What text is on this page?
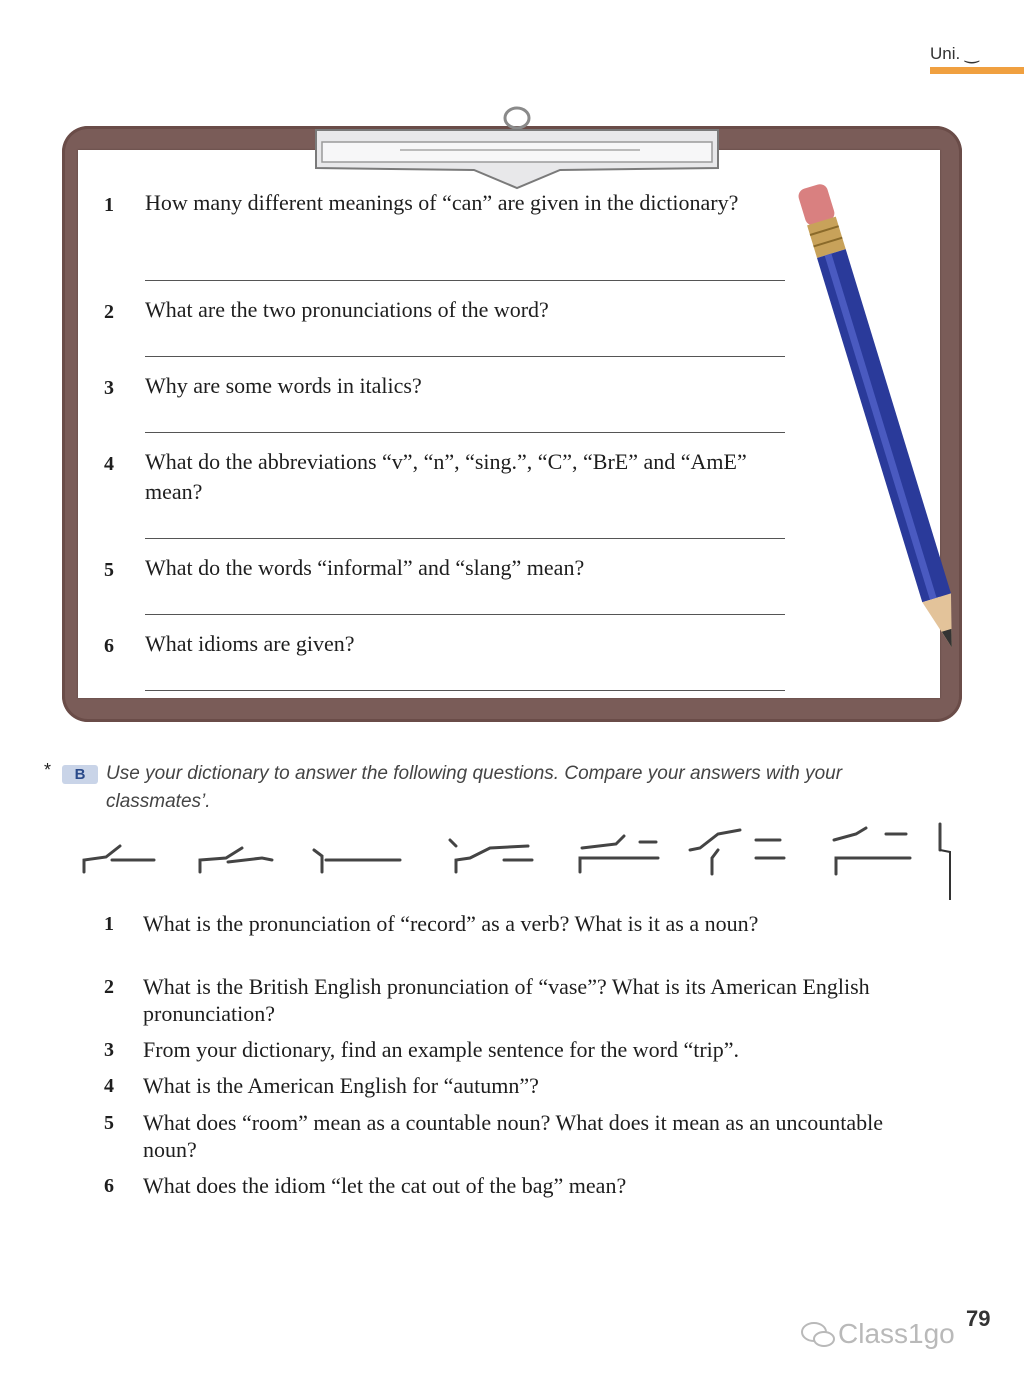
Uni. ‿
1	How many different meanings of “can” are given in the dictionary?
2	What are the two pronunciations of the word?
3	Why are some words in italics?
4	What do the abbreviations “v”, “n”, “sing.”, “C”, “BrE” and “AmE” mean?
5	What do the words “informal” and “slang” mean?
6	What idioms are given?
*	B	Use your dictionary to answer the following questions. Compare your answers with your classmates’.
1 What is the pronunciation of “record” as a verb? What is it as a noun?
2 What is the British English pronunciation of “vase”? What is its American English pronunciation?
3 From your dictionary, find an example sentence for the word “trip”.
4 What is the American English for “autumn”?
5 What does “room” mean as a countable noun? What does it mean as an uncountable noun?
6 What does the idiom “let the cat out of the bag” mean?
79
Class1go
